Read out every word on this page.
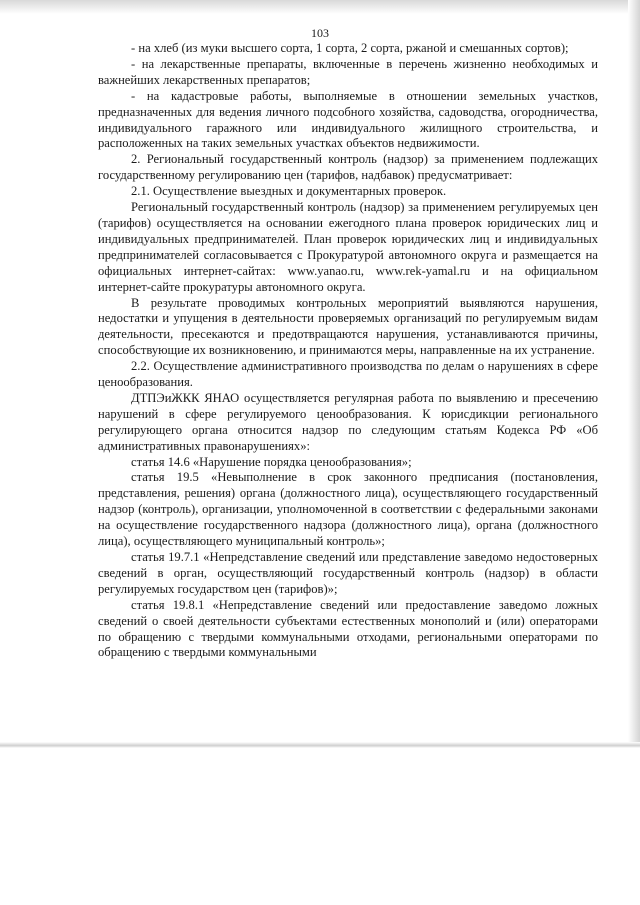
103

- на хлеб (из муки высшего сорта, 1 сорта, 2 сорта, ржаной и смешанных сортов);

- на лекарственные препараты, включенные в перечень жизненно необходимых и важнейших лекарственных препаратов;

- на кадастровые работы, выполняемые в отношении земельных участков, предназначенных для ведения личного подсобного хозяйства, садоводства, огородничества, индивидуального гаражного или индивидуального жилищного строительства, и расположенных на таких земельных участках объектов недвижимости.

2. Региональный государственный контроль (надзор) за применением подлежащих государственному регулированию цен (тарифов, надбавок) предусматривает:

2.1. Осуществление выездных и документарных проверок.

Региональный государственный контроль (надзор) за применением регулируемых цен (тарифов) осуществляется на основании ежегодного плана проверок юридических лиц и индивидуальных предпринимателей. План проверок юридических лиц и индивидуальных предпринимателей согласовывается с Прокуратурой автономного округа и размещается на официальных интернет-сайтах: www.yanao.ru, www.rek-yamal.ru и на официальном интернет-сайте прокуратуры автономного округа.

В результате проводимых контрольных мероприятий выявляются нарушения, недостатки и упущения в деятельности проверяемых организаций по регулируемым видам деятельности, пресекаются и предотвращаются нарушения, устанавливаются причины, способствующие их возникновению, и принимаются меры, направленные на их устранение.

2.2. Осуществление административного производства по делам о нарушениях в сфере ценообразования.

ДТПЭиЖКК ЯНАО осуществляется регулярная работа по выявлению и пресечению нарушений в сфере регулируемого ценообразования. К юрисдикции регионального регулирующего органа относится надзор по следующим статьям Кодекса РФ «Об административных правонарушениях»:

статья 14.6 «Нарушение порядка ценообразования»;

статья 19.5 «Невыполнение в срок законного предписания (постановления, представления, решения) органа (должностного лица), осуществляющего государственный надзор (контроль), организации, уполномоченной в соответствии с федеральными законами на осуществление государственного надзора (должностного лица), органа (должностного лица), осуществляющего муниципальный контроль»;

статья 19.7.1 «Непредставление сведений или представление заведомо недостоверных сведений в орган, осуществляющий государственный контроль (надзор) в области регулируемых государством цен (тарифов)»;

статья 19.8.1 «Непредставление сведений или предоставление заведомо ложных сведений о своей деятельности субъектами естественных монополий и (или) операторами по обращению с твердыми коммунальными отходами, региональными операторами по обращению с твердыми коммунальными
